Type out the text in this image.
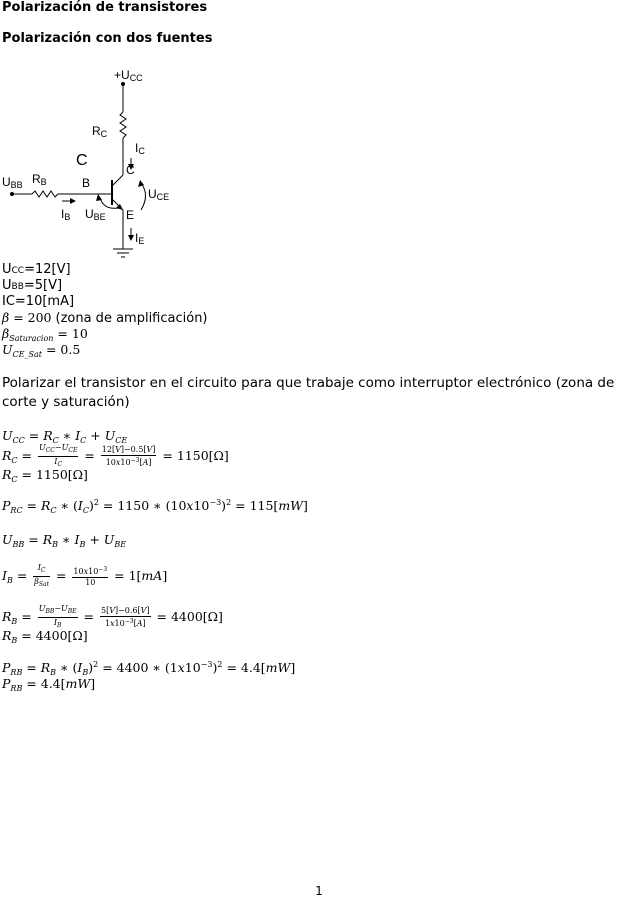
Polarización de transistores
Polarización con dos fuentes
+UCC
RC
IC
C
B
C
E
UCE
UBB RB
IB UBE
IE
UCC=12[V]
UBB=5[V]
IC=10[mA]
β = 200 (zona de amplificación)
$\beta_{Saturacion} = 10$
$U_{CE\_Sat} = 0.5$
Polarizar el transistor en el circuito para que trabaje como interruptor electrónico (zona de corte y saturación)
$U_{CC} = R_C$ ∗ $I_C + U_{CE}$
$R_C = \frac{U_{CC}-U_{CE}}{I_C} = \frac{12[V]-0.5[V]}{10x10^{-3}[A]} = 1150[\Omega]$
$R_C = 1150[\Omega]$
$P_{RC} = R_C$ ∗ $(I_C)^2 = 1150$ ∗ $(10x10^{-3})^2 = 115[mW]$
$U_{BB} = R_B$ ∗ $I_B + U_{BE}$
$I_B = \frac{I_C}{\beta_{Sat}} = \frac{10x10^{-3}}{10} = 1[mA]$
$R_B = \frac{U_{BB}-U_{BE}}{I_B} = \frac{5[V]-0.6[V]}{1x10^{-3}[A]} = 4400[\Omega]$
$R_B = 4400[\Omega]$
$P_{RB} = R_B$ ∗ $(I_B)^2 = 4400$ ∗ $(1x10^{-3})^2 = 4.4[mW]$
$P_{RB} = 4.4[mW]$
1
